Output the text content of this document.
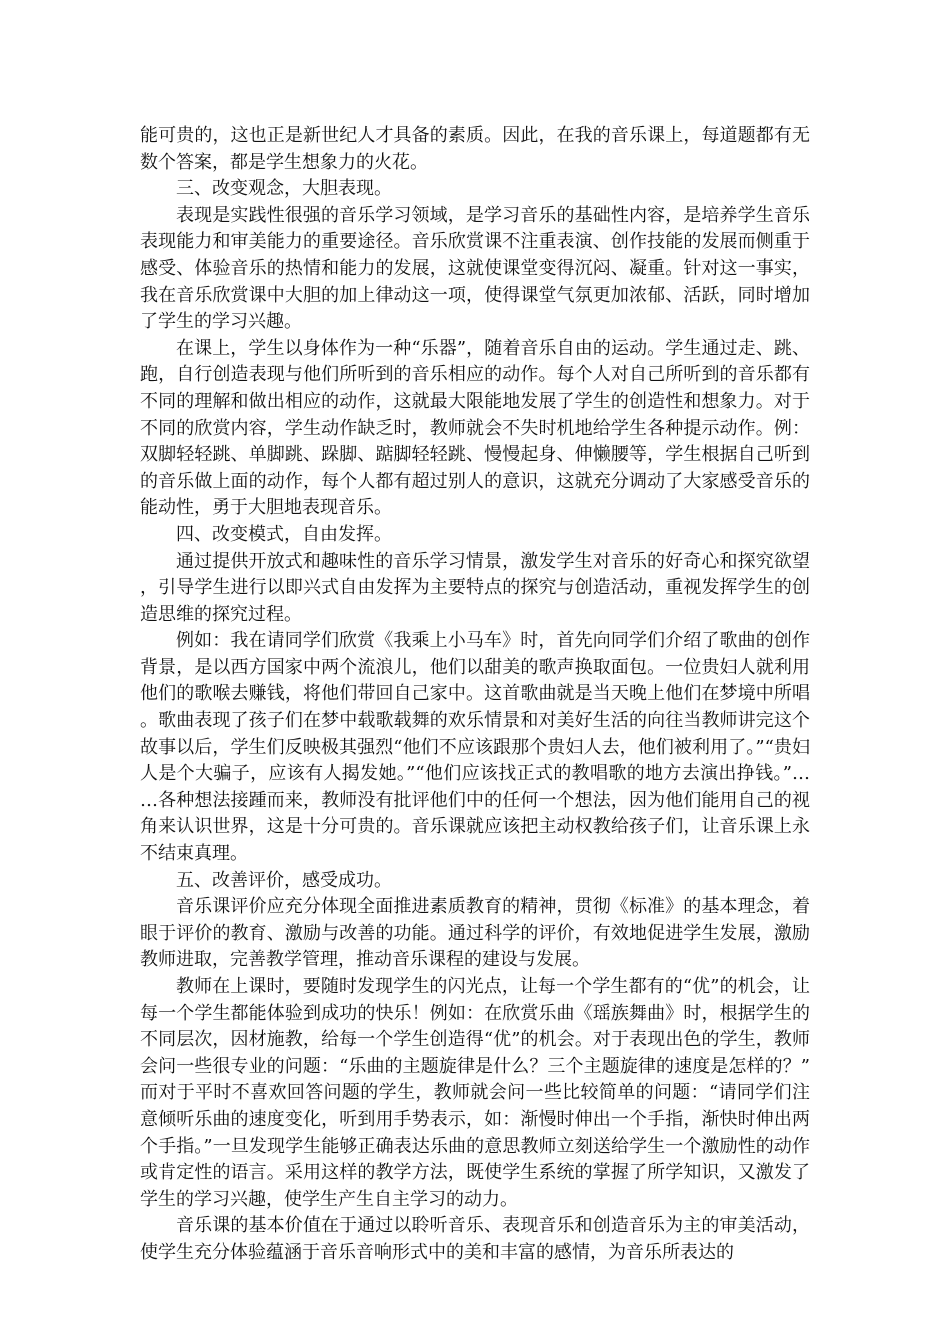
能可贵的，这也正是新世纪人才具备的素质。因此，在我的音乐课上，每道题都有无数个答案，都是学生想象力的火花。

三、改变观念，大胆表现。

表现是实践性很强的音乐学习领域，是学习音乐的基础性内容，是培养学生音乐表现能力和审美能力的重要途径。音乐欣赏课不注重表演、创作技能的发展而侧重于感受、体验音乐的热情和能力的发展，这就使课堂变得沉闷、凝重。针对这一事实，我在音乐欣赏课中大胆的加上律动这一项，使得课堂气氛更加浓郁、活跃，同时增加了学生的学习兴趣。

在课上，学生以身体作为一种“乐器”，随着音乐自由的运动。学生通过走、跳、跑，自行创造表现与他们所听到的音乐相应的动作。每个人对自己所听到的音乐都有不同的理解和做出相应的动作，这就最大限能地发展了学生的创造性和想象力。对于不同的欣赏内容，学生动作缺乏时，教师就会不失时机地给学生各种提示动作。例：双脚轻轻跳、单脚跳、跺脚、踮脚轻轻跳、慢慢起身、伸懒腰等，学生根据自己听到的音乐做上面的动作，每个人都有超过别人的意识，这就充分调动了大家感受音乐的能动性，勇于大胆地表现音乐。

四、改变模式，自由发挥。

通过提供开放式和趣味性的音乐学习情景，激发学生对音乐的好奇心和探究欲望，引导学生进行以即兴式自由发挥为主要特点的探究与创造活动，重视发挥学生的创造思维的探究过程。

例如：我在请同学们欣赏《我乘上小马车》时，首先向同学们介绍了歌曲的创作背景，是以西方国家中两个流浪儿，他们以甜美的歌声换取面包。一位贵妇人就利用他们的歌喉去赚钱，将他们带回自己家中。这首歌曲就是当天晚上他们在梦境中所唱。歌曲表现了孩子们在梦中载歌载舞的欢乐情景和对美好生活的向往当教师讲完这个故事以后，学生们反映极其强烈“他们不应该跟那个贵妇人去，他们被利用了。”“贵妇人是个大骗子，应该有人揭发她。”“他们应该找正式的教唱歌的地方去演出挣钱。”……各种想法接踵而来，教师没有批评他们中的任何一个想法，因为他们能用自己的视角来认识世界，这是十分可贵的。音乐课就应该把主动权教给孩子们，让音乐课上永不结束真理。

五、改善评价，感受成功。

音乐课评价应充分体现全面推进素质教育的精神，贯彻《标准》的基本理念，着眼于评价的教育、激励与改善的功能。通过科学的评价，有效地促进学生发展，激励教师进取，完善教学管理，推动音乐课程的建设与发展。

教师在上课时，要随时发现学生的闪光点，让每一个学生都有的“优”的机会，让每一个学生都能体验到成功的快乐！例如：在欣赏乐曲《瑶族舞曲》时，根据学生的不同层次，因材施教，给每一个学生创造得“优”的机会。对于表现出色的学生，教师会问一些很专业的问题：“乐曲的主题旋律是什么？三个主题旋律的速度是怎样的？”而对于平时不喜欢回答问题的学生，教师就会问一些比较简单的问题：“请同学们注意倾听乐曲的速度变化，听到用手势表示，如：渐慢时伸出一个手指，渐快时伸出两个手指。”一旦发现学生能够正确表达乐曲的意思教师立刻送给学生一个激励性的动作或肯定性的语言。采用这样的教学方法，既使学生系统的掌握了所学知识，又激发了学生的学习兴趣，使学生产生自主学习的动力。

音乐课的基本价值在于通过以聆听音乐、表现音乐和创造音乐为主的审美活动，使学生充分体验蕴涵于音乐音响形式中的美和丰富的感情，为音乐所表达的
